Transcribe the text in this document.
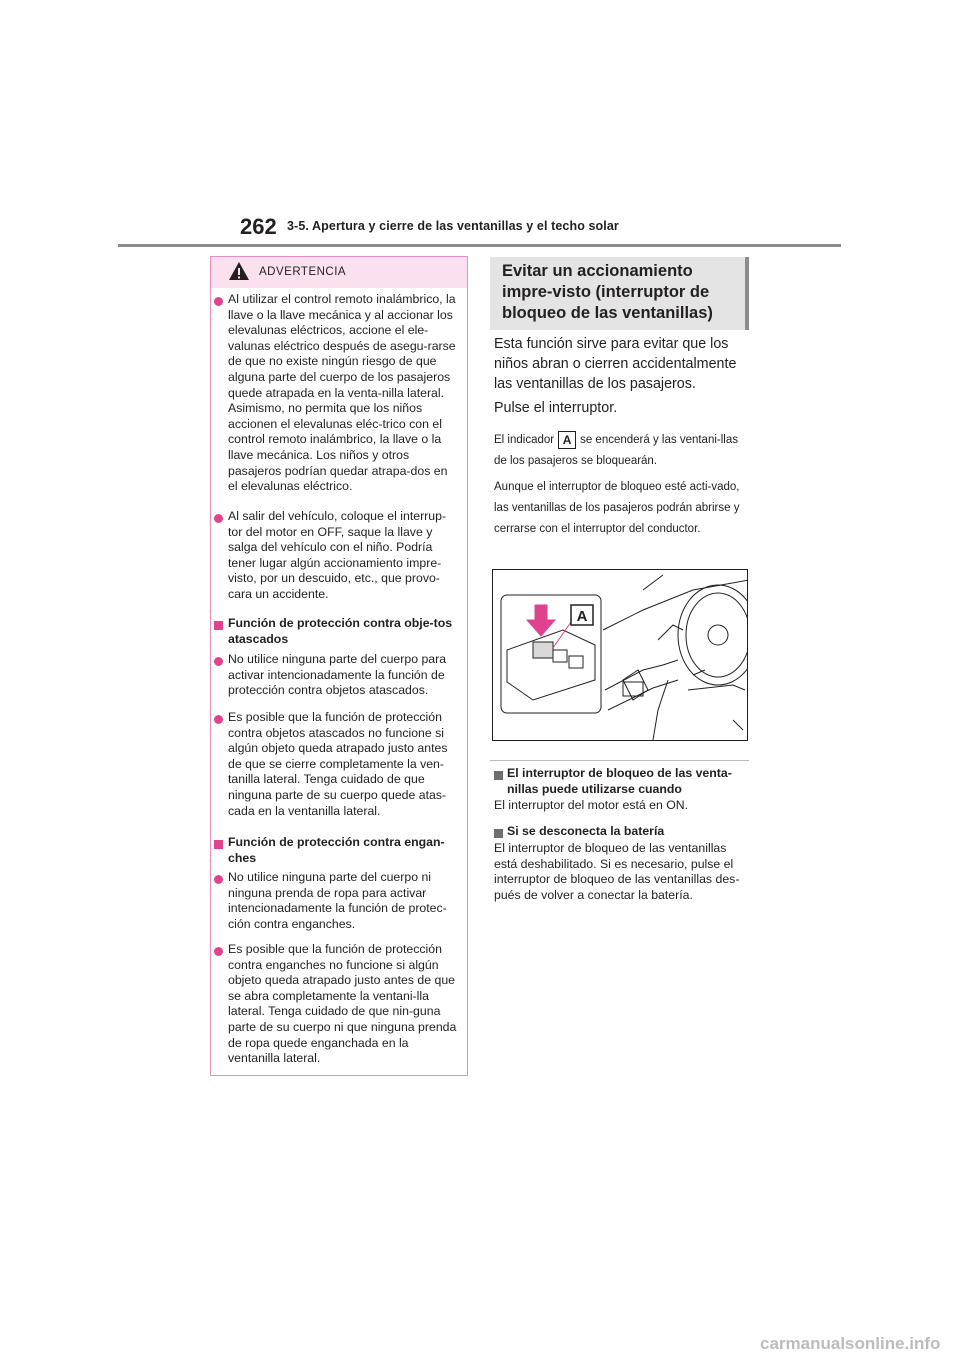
262 3-5. Apertura y cierre de las ventanillas y el techo solar
ADVERTENCIA
Al utilizar el control remoto inalámbrico, la llave o la llave mecánica y al accionar los elevalunas eléctricos, accione el ele-valunas eléctrico después de asegu-rarse de que no existe ningún riesgo de que alguna parte del cuerpo de los pasajeros quede atrapada en la venta-nilla lateral. Asimismo, no permita que los niños accionen el elevalunas eléc-trico con el control remoto inalámbrico, la llave o la llave mecánica. Los niños y otros pasajeros podrían quedar atrapa-dos en el elevalunas eléctrico.
Al salir del vehículo, coloque el interrup-tor del motor en OFF, saque la llave y salga del vehículo con el niño. Podría tener lugar algún accionamiento impre-visto, por un descuido, etc., que provo-cara un accidente.
Función de protección contra obje-tos atascados
No utilice ninguna parte del cuerpo para activar intencionadamente la función de protección contra objetos atascados.
Es posible que la función de protección contra objetos atascados no funcione si algún objeto queda atrapado justo antes de que se cierre completamente la ven-tanilla lateral. Tenga cuidado de que ninguna parte de su cuerpo quede atas-cada en la ventanilla lateral.
Función de protección contra engan-ches
No utilice ninguna parte del cuerpo ni ninguna prenda de ropa para activar intencionadamente la función de protec-ción contra enganches.
Es posible que la función de protección contra enganches no funcione si algún objeto queda atrapado justo antes de que se abra completamente la ventani-lla lateral. Tenga cuidado de que nin-guna parte de su cuerpo ni que ninguna prenda de ropa quede enganchada en la ventanilla lateral.
Evitar un accionamiento impre-visto (interruptor de bloqueo de las ventanillas)
Esta función sirve para evitar que los niños abran o cierren accidentalmente las ventanillas de los pasajeros.
Pulse el interruptor.
El indicador A se encenderá y las ventani-llas de los pasajeros se bloquearán.
Aunque el interruptor de bloqueo esté acti-vado, las ventanillas de los pasajeros podrán abrirse y cerrarse con el interruptor del conductor.
A
El interruptor de bloqueo de las venta-nillas puede utilizarse cuando
El interruptor del motor está en ON.
Si se desconecta la batería
El interruptor de bloqueo de las ventanillas está deshabilitado. Si es necesario, pulse el interruptor de bloqueo de las ventanillas des-pués de volver a conectar la batería.
carmanualsonline.info
